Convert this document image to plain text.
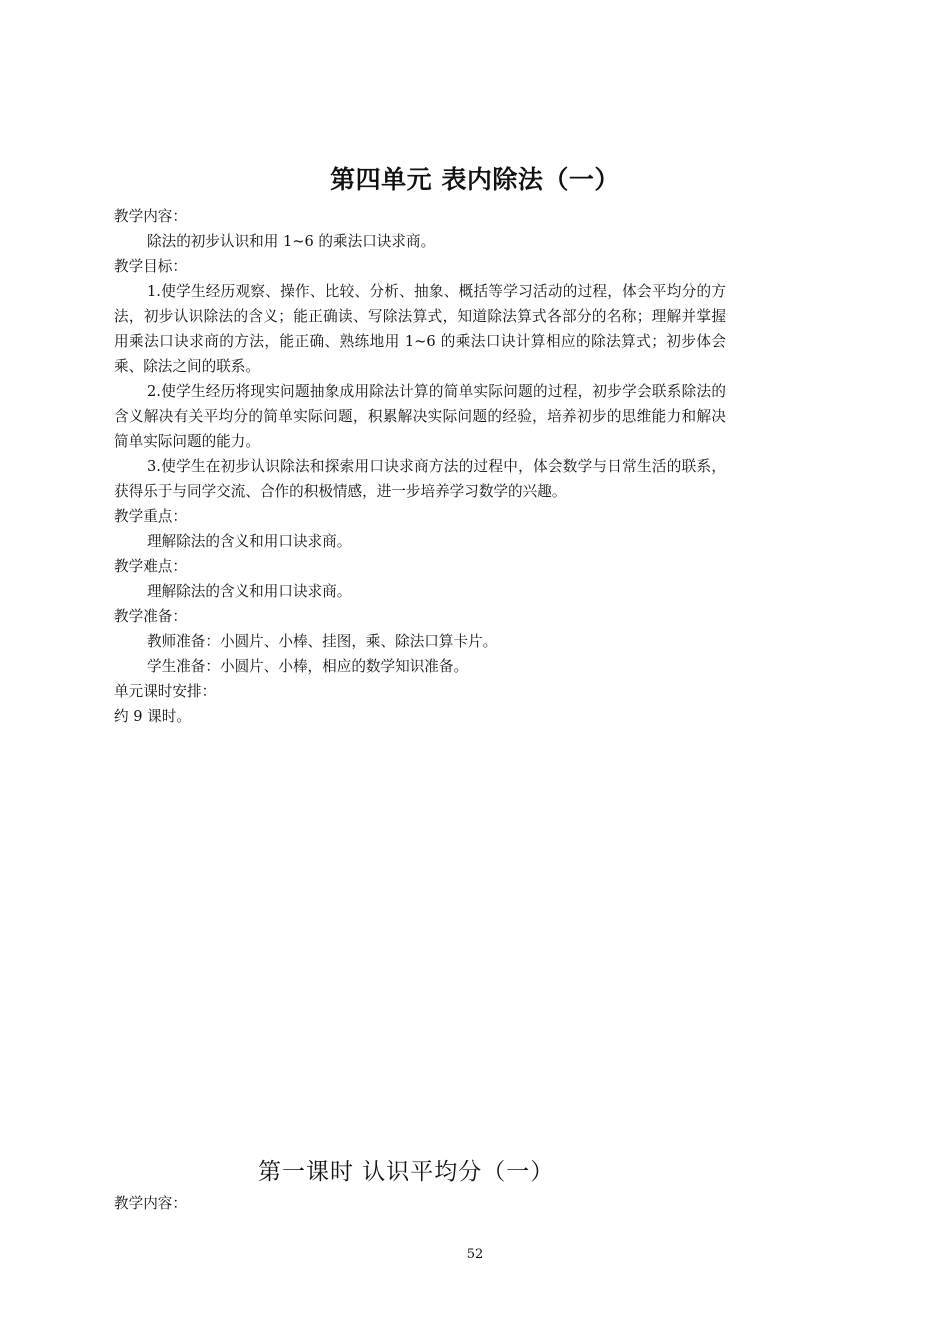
第四单元 表内除法（一）

教学内容：

除法的初步认识和用 1~6 的乘法口诀求商。

教学目标：

1.使学生经历观察、操作、比较、分析、抽象、概括等学习活动的过程，体会平均分的方法，初步认识除法的含义；能正确读、写除法算式，知道除法算式各部分的名称；理解并掌握用乘法口诀求商的方法，能正确、熟练地用 1~6 的乘法口诀计算相应的除法算式；初步体会乘、除法之间的联系。

2.使学生经历将现实问题抽象成用除法计算的简单实际问题的过程，初步学会联系除法的含义解决有关平均分的简单实际问题，积累解决实际问题的经验，培养初步的思维能力和解决简单实际问题的能力。

3.使学生在初步认识除法和探索用口诀求商方法的过程中，体会数学与日常生活的联系，获得乐于与同学交流、合作的积极情感，进一步培养学习数学的兴趣。

教学重点：

理解除法的含义和用口诀求商。

教学难点：

理解除法的含义和用口诀求商。

教学准备：

教师准备：小圆片、小棒、挂图，乘、除法口算卡片。

学生准备：小圆片、小棒，相应的数学知识准备。

单元课时安排：

约 9 课时。

第一课时 认识平均分（一）
教学内容：
52
